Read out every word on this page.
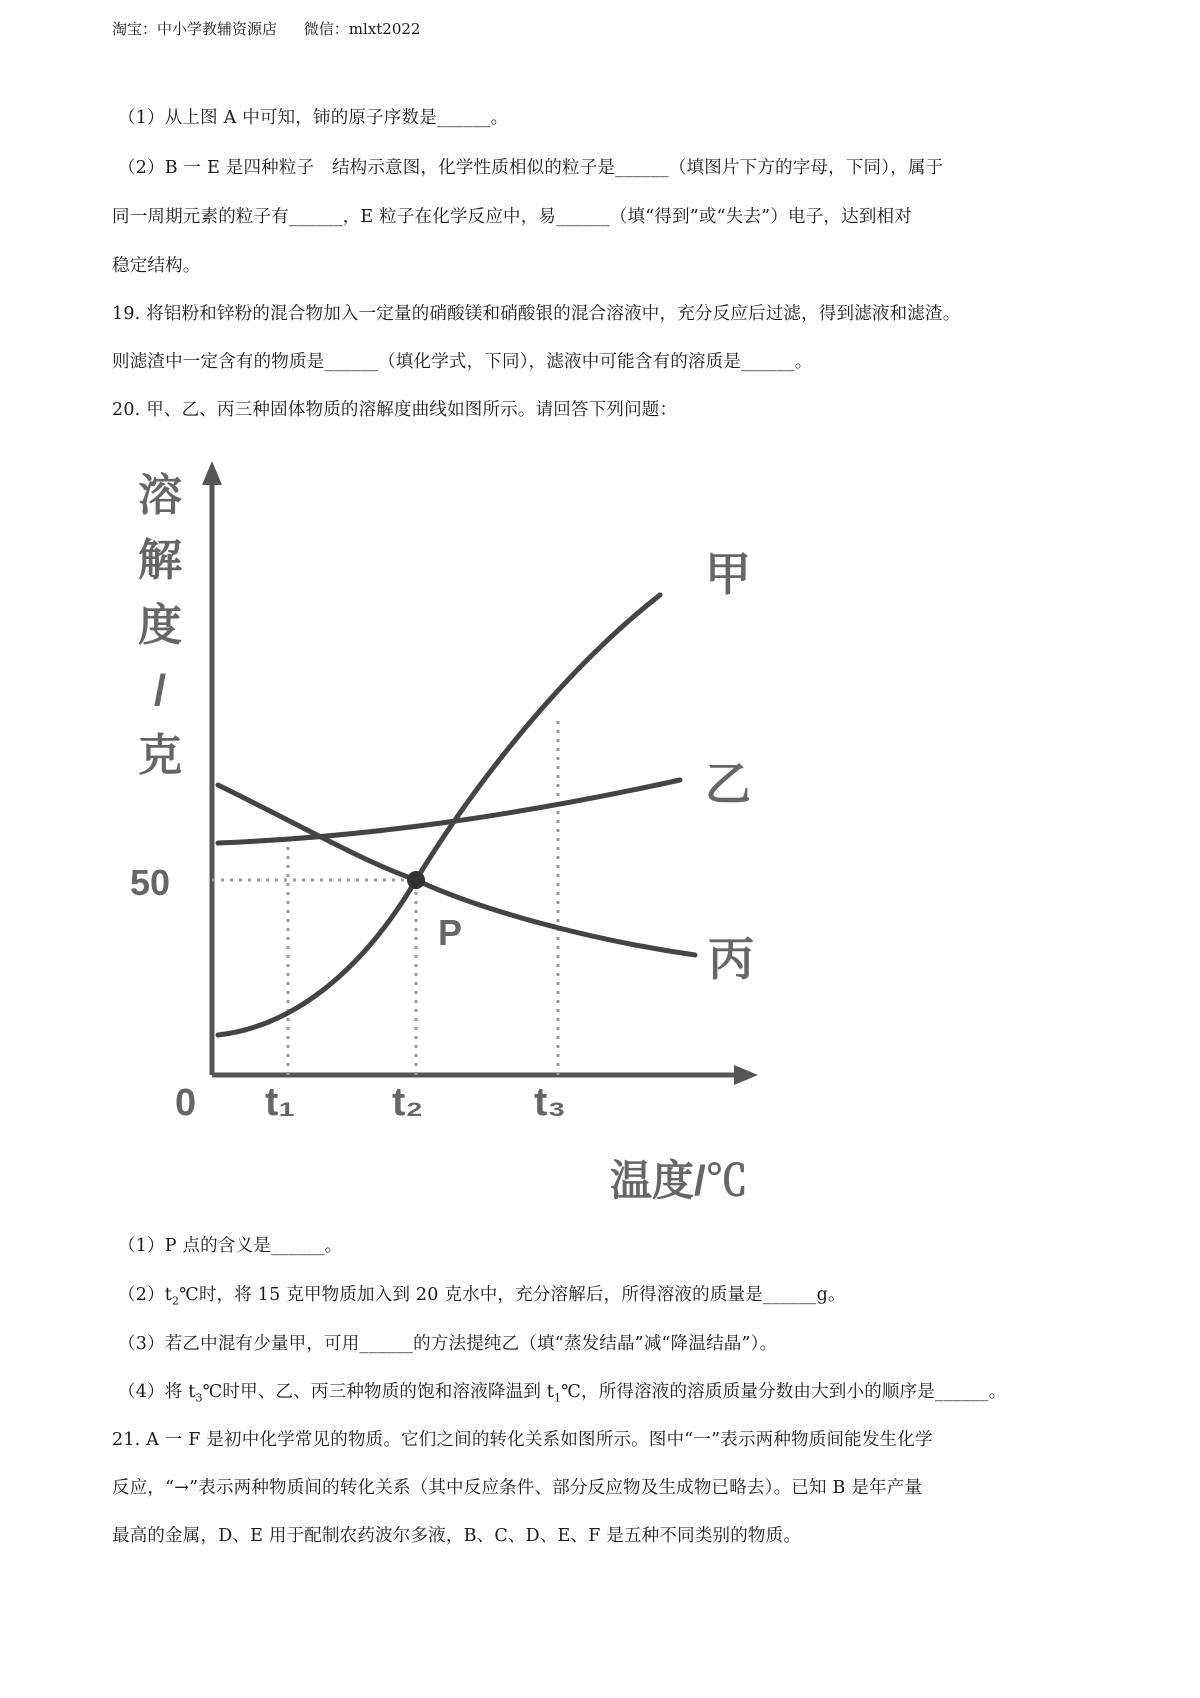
淘宝：中小学教辅资源店 微信：mlxt2022
（1）从上图 A 中可知，铈的原子序数是______。
（2）B 一 E 是四种粒子　结构示意图，化学性质相似的粒子是______（填图片下方的字母，下同），属于
同一周期元素的粒子有______，E 粒子在化学反应中，易______（填“得到”或“失去”）电子，达到相对
稳定结构。
19. 将铝粉和锌粉的混合物加入一定量的硝酸镁和硝酸银的混合溶液中，充分反应后过滤，得到滤液和滤渣。
则滤渣中一定含有的物质是______（填化学式，下同），滤液中可能含有的溶质是______。
20. 甲、乙、丙三种固体物质的溶解度曲线如图所示。请回答下列问题：
溶
解
度
/
克
50
0 t₁ t₂	t₃
温度/℃
P
甲
乙
丙
（1）P 点的含义是______。
$(2)t_2℃$时，将 15 克甲物质加入到 20 克水中，充分溶解后，所得溶液的质量是______g。
（3）若乙中混有少量甲，可用______的方法提纯乙（填“蒸发结晶”减“降温结晶”）。
（4）将 $t_3℃$时甲、乙、丙三种物质的饱和溶液降温到 $t_1℃$，所得溶液的溶质质量分数由大到小的顺序是______。
21. A 一 F 是初中化学常见的物质。它们之间的转化关系如图所示。图中“一”表示两种物质间能发生化学
反应，“→”表示两种物质间的转化关系（其中反应条件、部分反应物及生成物已略去）。已知 B 是年产量
最高的金属，D、E 用于配制农药波尔多液，B、C、D、E、F 是五种不同类别的物质。
